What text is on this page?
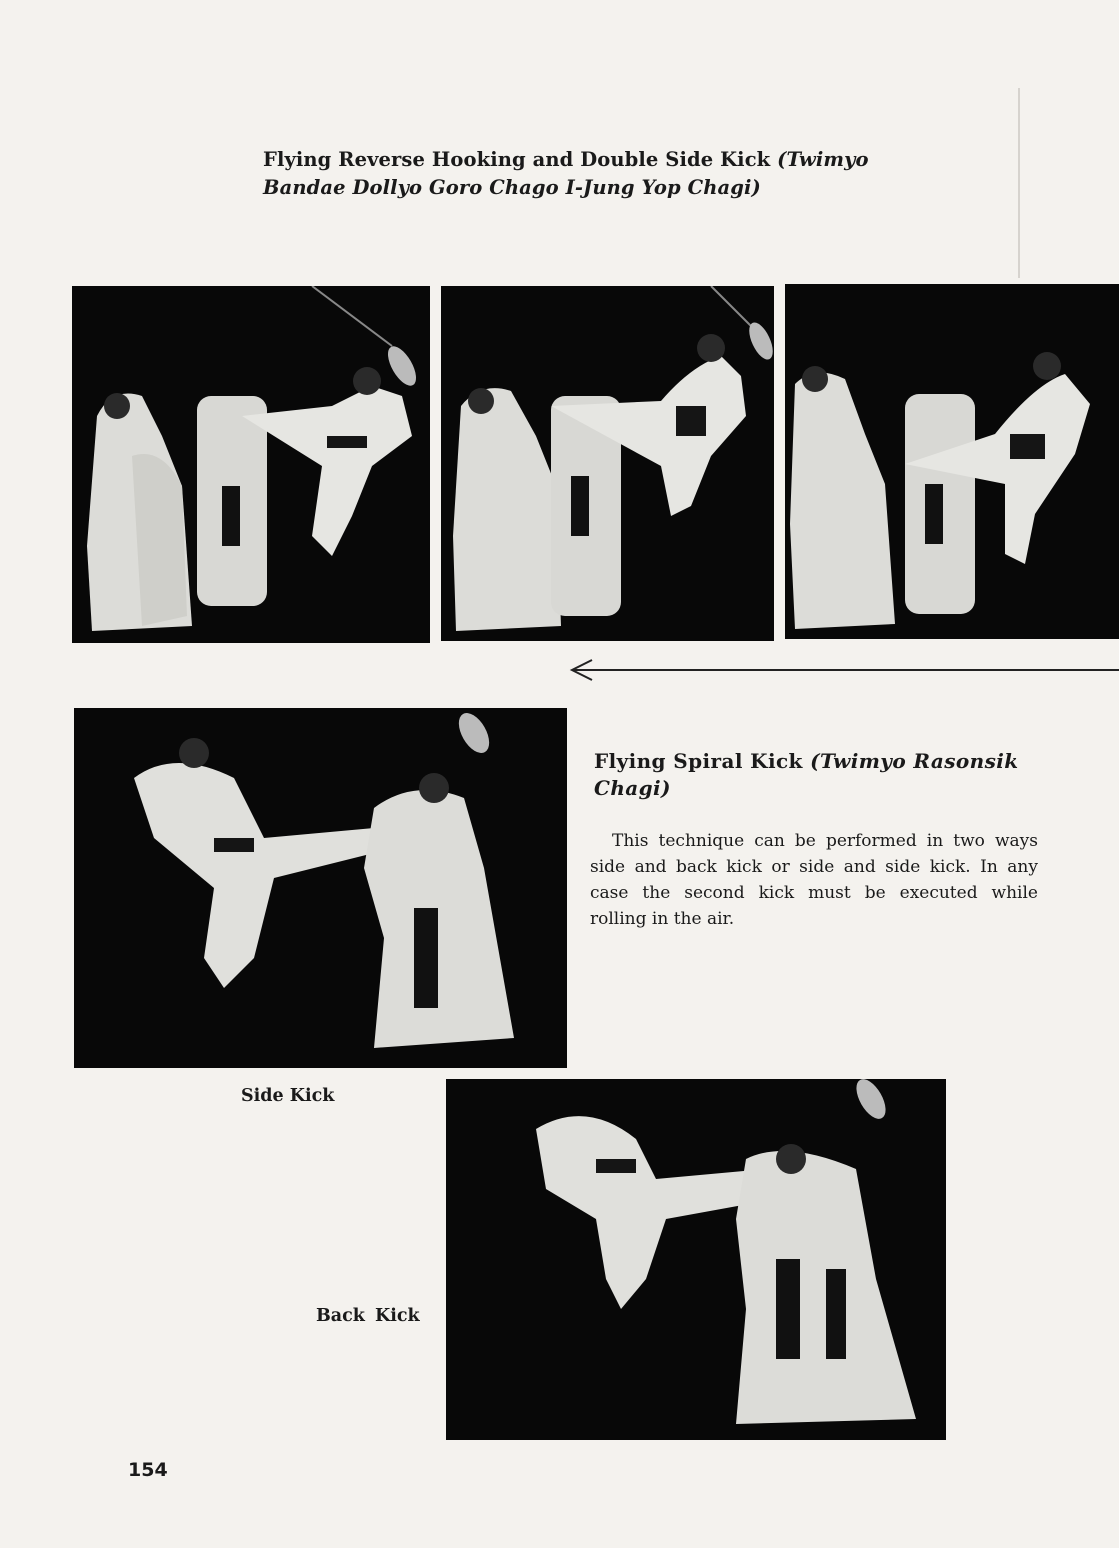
Flying Reverse Hooking and Double Side Kick (Twimyo
Bandae Dollyo Goro Chago I-Jung Yop Chagi)
Flying Spiral Kick (Twimyo Rasonsik
Chagi)

This technique can be performed in two ways side and back kick or side and side kick. In any case the second kick must be executed while rolling in the air.

Side Kick
Back Kick
154
